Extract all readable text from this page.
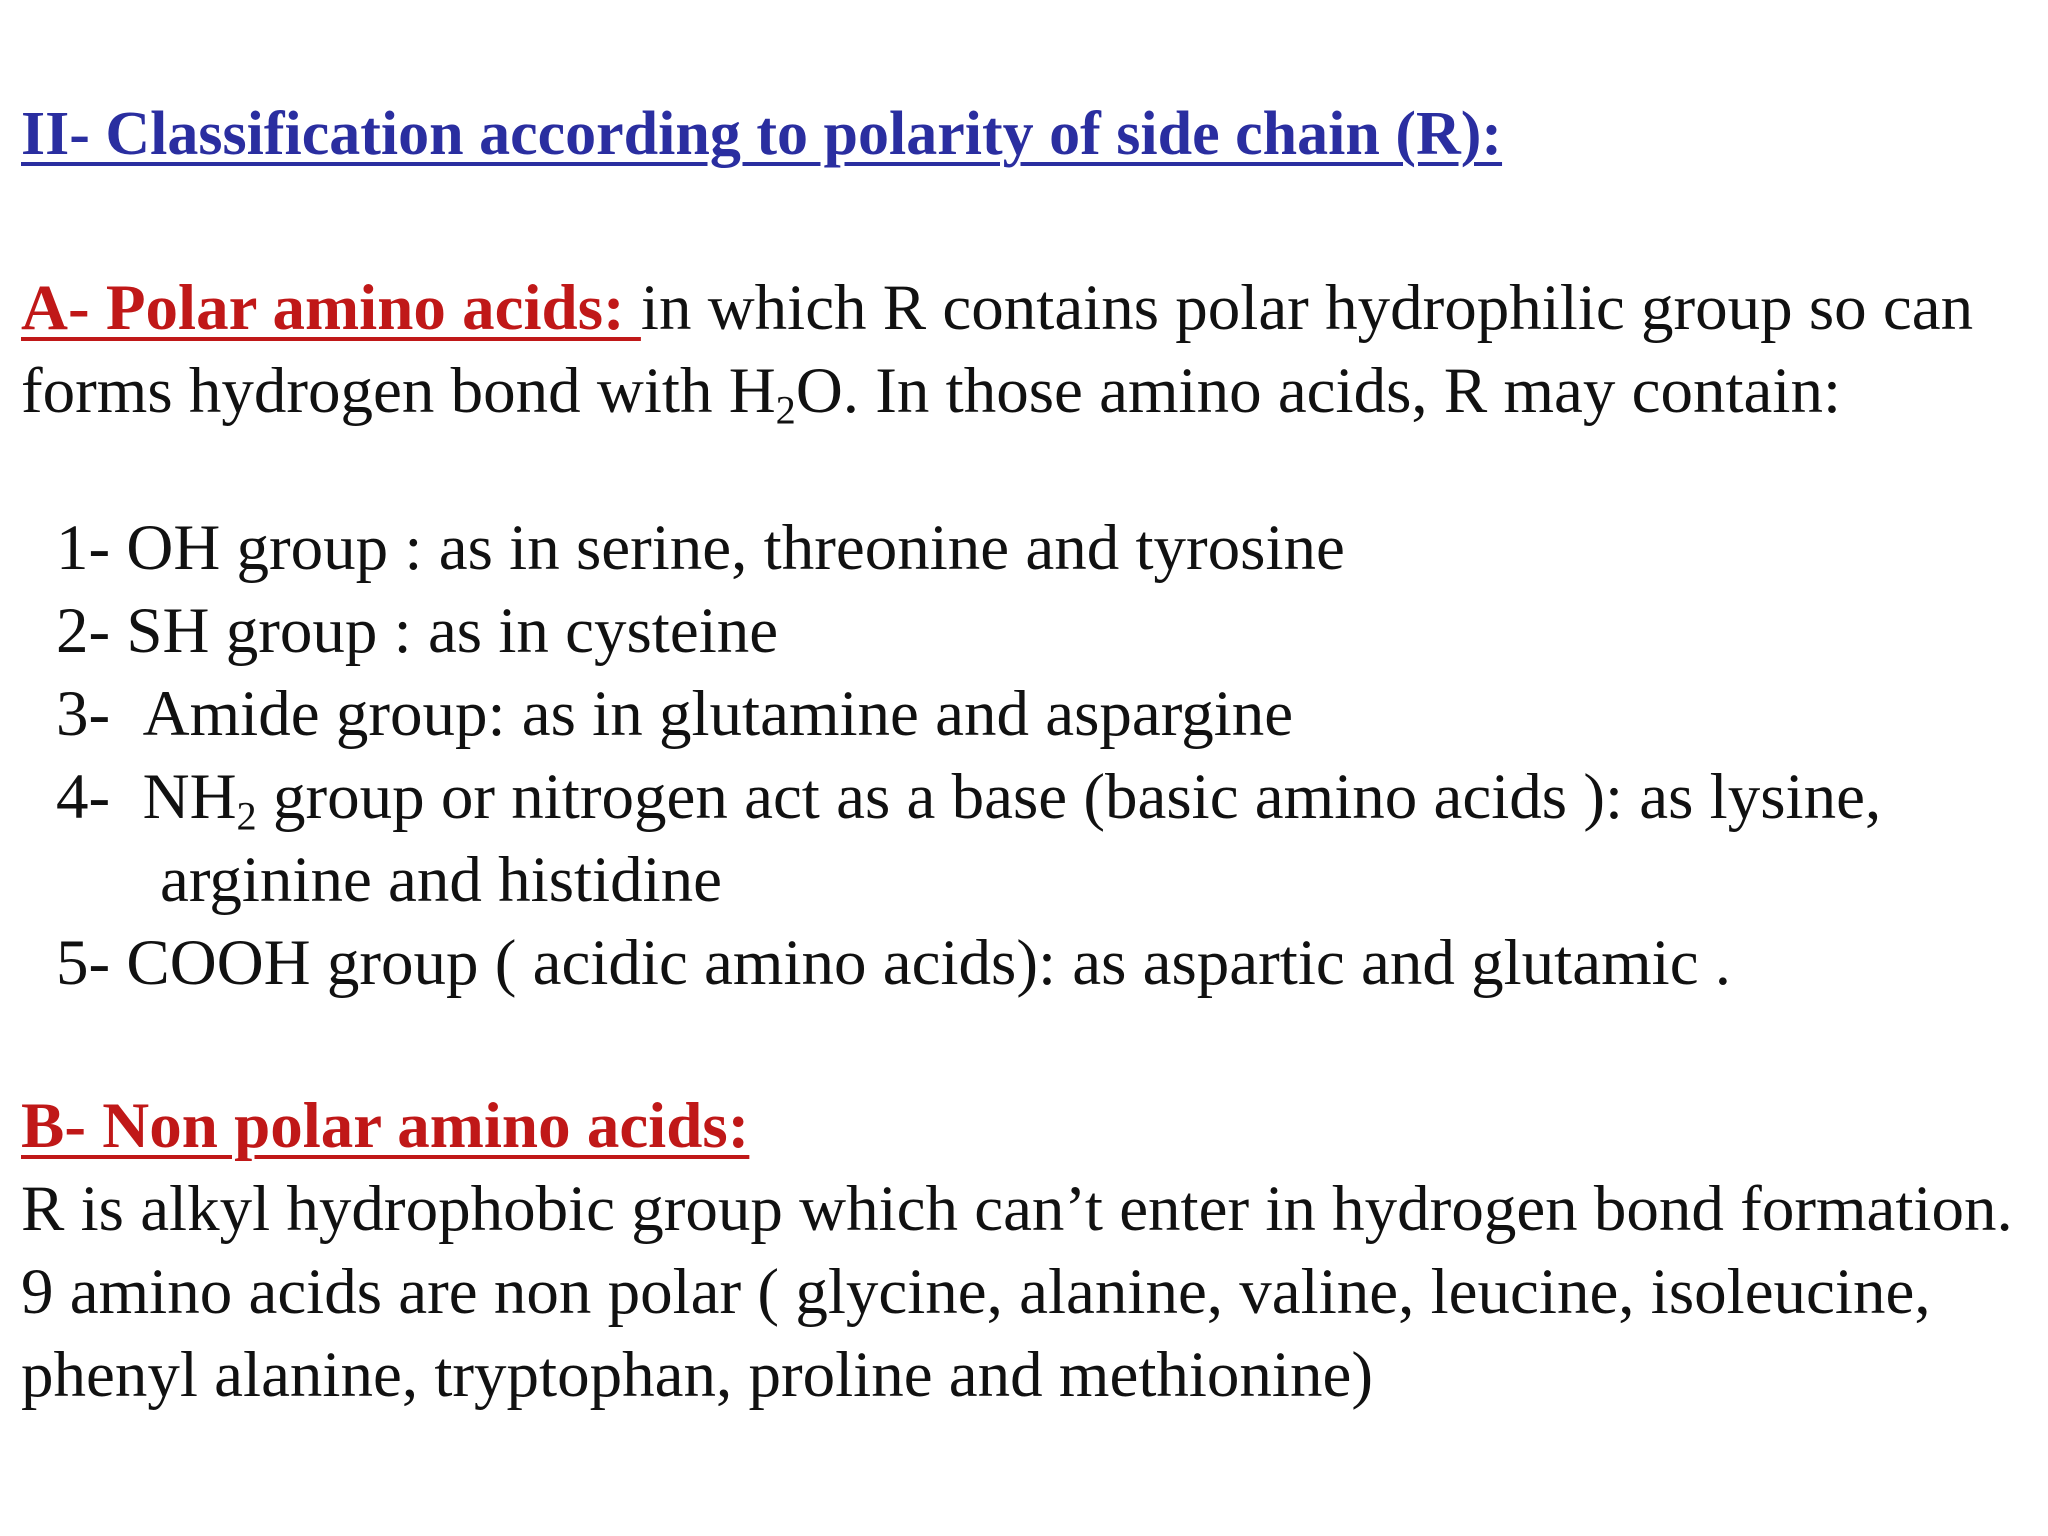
II- Classification according to polarity of side chain (R):

A- Polar amino acids: in which R contains polar hydrophilic group so can forms hydrogen bond with $H_2O$. In those amino acids, R may contain:

1- OH group : as in serine, threonine and tyrosine
2- SH group : as in cysteine
3-  Amide group: as in glutamine and aspargine
4-  $NH_2$ group or nitrogen act as a base (basic amino acids ): as lysine,
arginine and histidine
5- COOH group ( acidic amino acids): as aspartic and glutamic .

B- Non polar amino acids:

R is alkyl hydrophobic group which can’t enter in hydrogen bond formation. 9 amino acids are non polar ( glycine, alanine, valine, leucine, isoleucine, phenyl alanine, tryptophan, proline and methionine)
